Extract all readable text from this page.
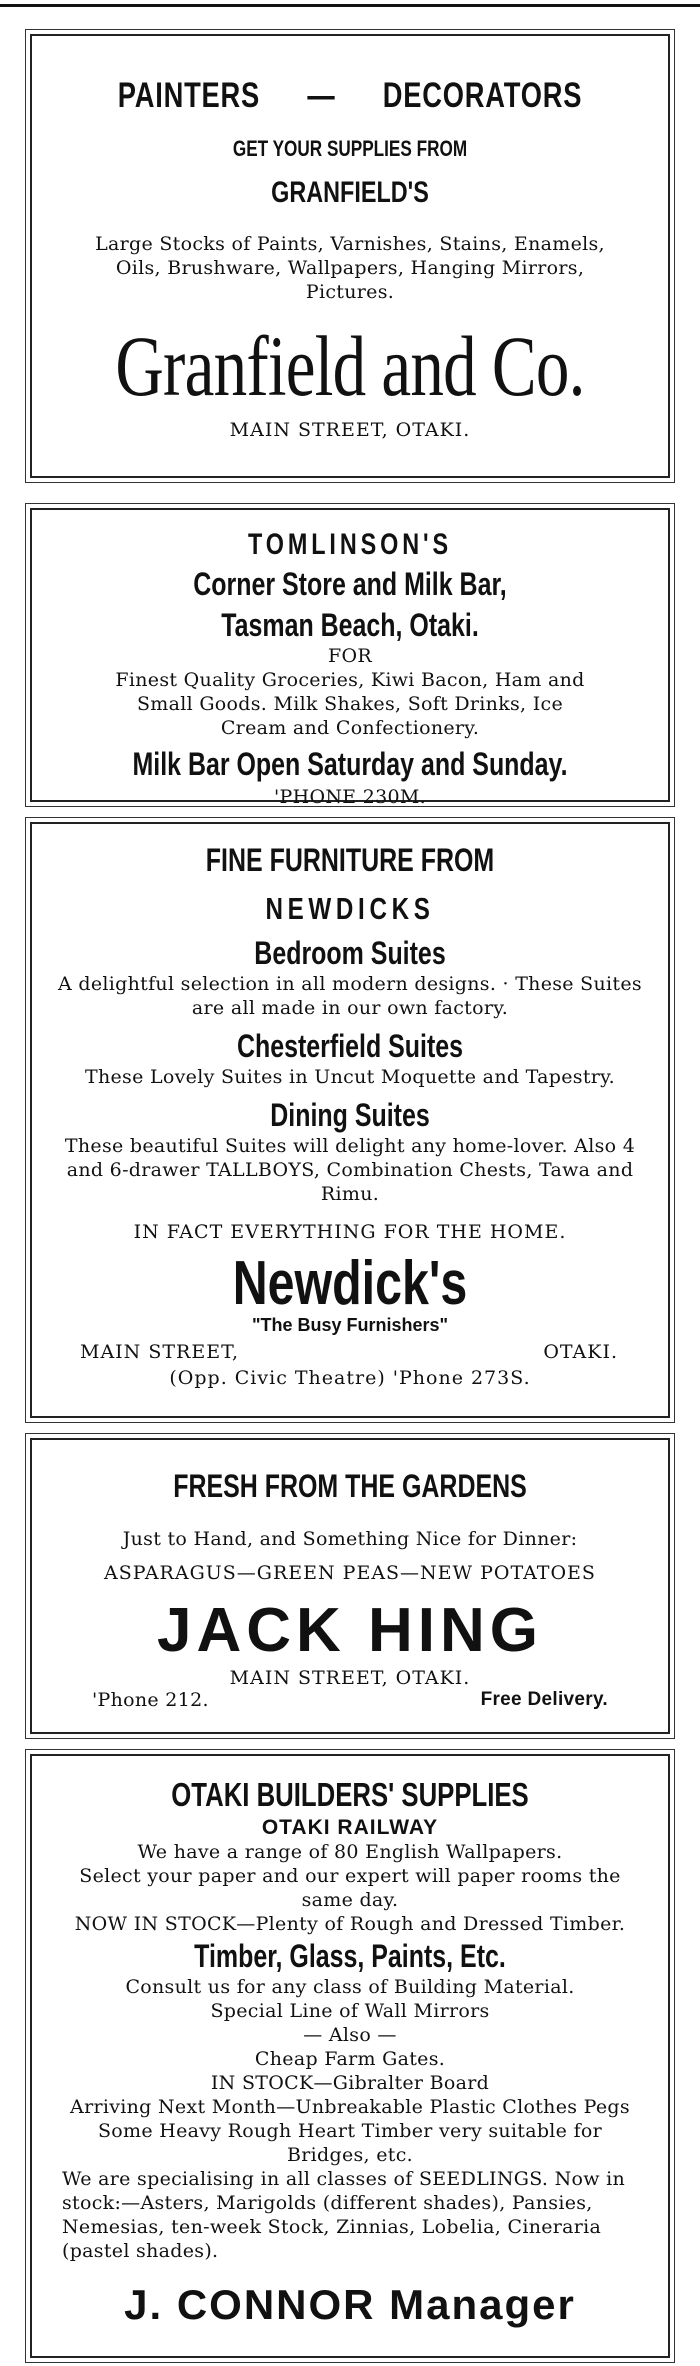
PAINTERS — DECORATORS

GET YOUR SUPPLIES FROM

GRANFIELD'S

Large Stocks of Paints, Varnishes, Stains, Enamels, Oils, Brushware, Wallpapers, Hanging Mirrors, Pictures.

Granfield and Co.

MAIN STREET, OTAKI.

TOMLINSON'S

Corner Store and Milk Bar,

Tasman Beach, Otaki.

FOR

Finest Quality Groceries, Kiwi Bacon, Ham and Small Goods. Milk Shakes, Soft Drinks, Ice Cream and Confectionery.

Milk Bar Open Saturday and Sunday.

'PHONE 230M.

FINE FURNITURE FROM

NEWDICKS

Bedroom Suites

A delightful selection in all modern designs. · These Suites are all made in our own factory.

Chesterfield Suites

These Lovely Suites in Uncut Moquette and Tapestry.

Dining Suites

These beautiful Suites will delight any home-lover. Also 4 and 6-drawer TALLBOYS, Combination Chests, Tawa and Rimu.

IN FACT EVERYTHING FOR THE HOME.

Newdick's

"The Busy Furnishers"

MAIN STREET,	OTAKI.

(Opp. Civic Theatre) 'Phone 273S.

FRESH FROM THE GARDENS

Just to Hand, and Something Nice for Dinner:

ASPARAGUS—GREEN PEAS—NEW POTATOES

JACK HING

MAIN STREET, OTAKI.

'Phone 212.	Free Delivery.

OTAKI BUILDERS' SUPPLIES

OTAKI RAILWAY

We have a range of 80 English Wallpapers.

Select your paper and our expert will paper rooms the same day.

NOW IN STOCK—Plenty of Rough and Dressed Timber.

Timber, Glass, Paints, Etc.

Consult us for any class of Building Material.

Special Line of Wall Mirrors

— Also —

Cheap Farm Gates.

IN STOCK—Gibralter Board

Arriving Next Month—Unbreakable Plastic Clothes Pegs

Some Heavy Rough Heart Timber very suitable for Bridges, etc.

We are specialising in all classes of SEEDLINGS. Now in stock:—Asters, Marigolds (different shades), Pansies, Nemesias, ten-week Stock, Zinnias, Lobelia, Cineraria (pastel shades).

J. CONNOR Manager
